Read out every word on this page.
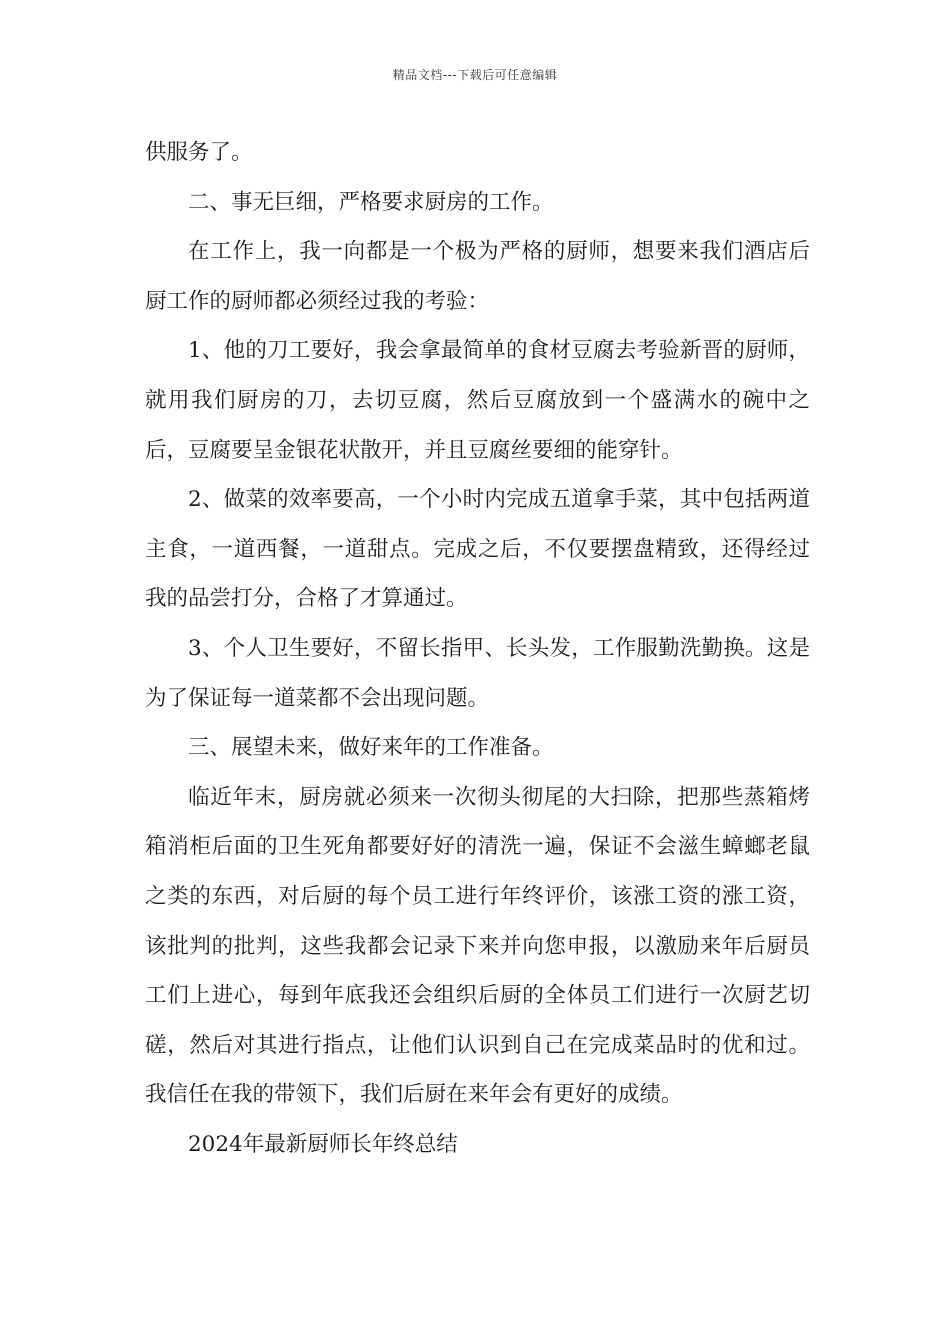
精品文档---下载后可任意编辑

供服务了。

二、事无巨细，严格要求厨房的工作。

在工作上，我一向都是一个极为严格的厨师，想要来我们酒店后厨工作的厨师都必须经过我的考验：

1、他的刀工要好，我会拿最简单的食材豆腐去考验新晋的厨师，就用我们厨房的刀，去切豆腐，然后豆腐放到一个盛满水的碗中之后，豆腐要呈金银花状散开，并且豆腐丝要细的能穿针。

2、做菜的效率要高，一个小时内完成五道拿手菜，其中包括两道主食，一道西餐，一道甜点。完成之后，不仅要摆盘精致，还得经过我的品尝打分，合格了才算通过。

3、个人卫生要好，不留长指甲、长头发，工作服勤洗勤换。这是为了保证每一道菜都不会出现问题。

三、展望未来，做好来年的工作准备。

临近年末，厨房就必须来一次彻头彻尾的大扫除，把那些蒸箱烤箱消柜后面的卫生死角都要好好的清洗一遍，保证不会滋生蟑螂老鼠之类的东西，对后厨的每个员工进行年终评价，该涨工资的涨工资，该批判的批判，这些我都会记录下来并向您申报，以激励来年后厨员工们上进心，每到年底我还会组织后厨的全体员工们进行一次厨艺切磋，然后对其进行指点，让他们认识到自己在完成菜品时的优和过。我信任在我的带领下，我们后厨在来年会有更好的成绩。

2024年最新厨师长年终总结
